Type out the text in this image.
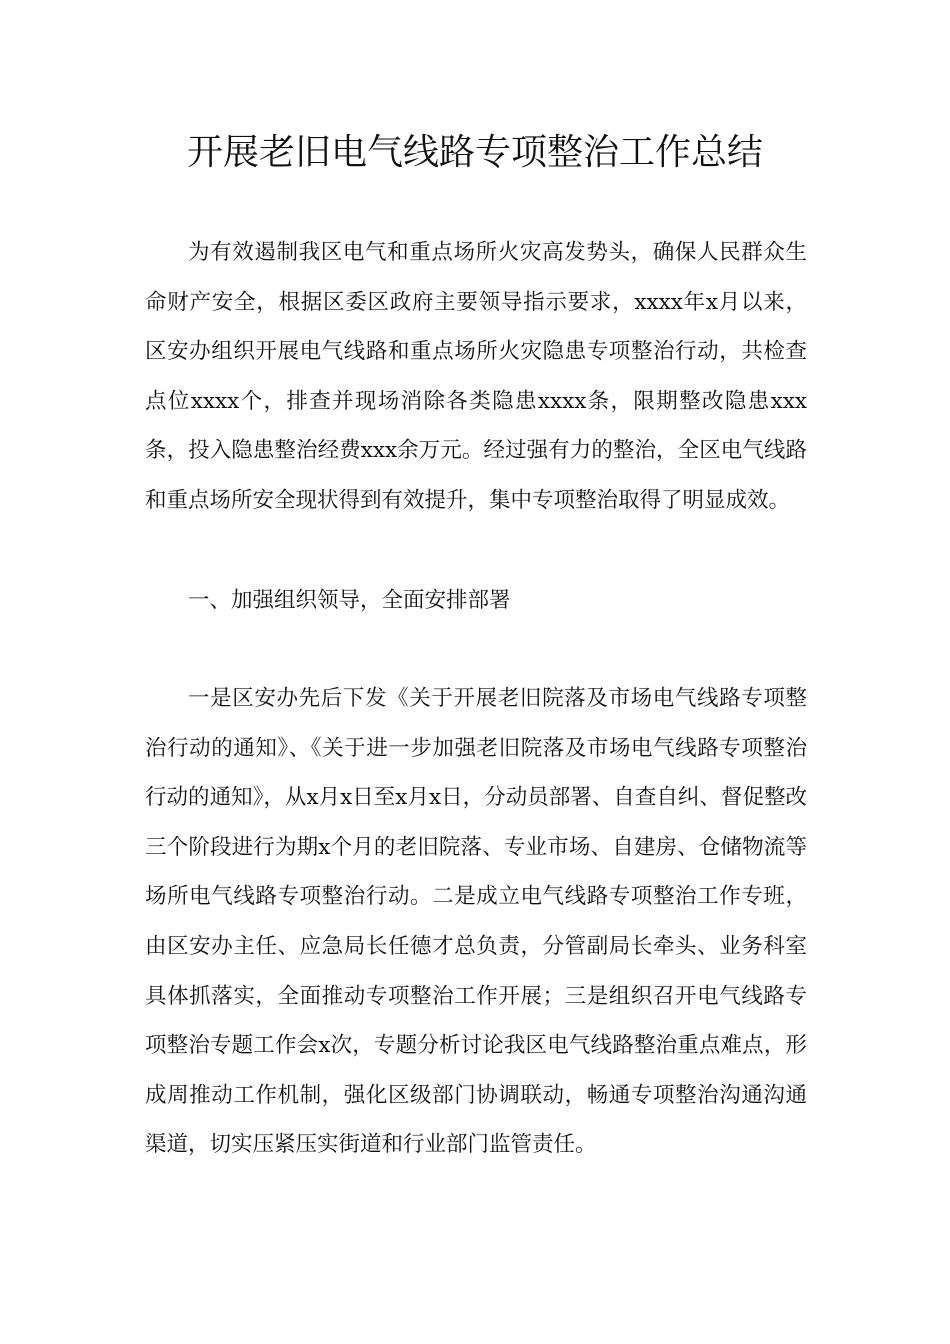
开展老旧电气线路专项整治工作总结

为有效遏制我区电气和重点场所火灾高发势头，确保人民群众生命财产安全，根据区委区政府主要领导指示要求，xxxx年x月以来，区安办组织开展电气线路和重点场所火灾隐患专项整治行动，共检查点位xxxx个，排查并现场消除各类隐患xxxx条，限期整改隐患xxx条，投入隐患整治经费xxx余万元。经过强有力的整治，全区电气线路和重点场所安全现状得到有效提升，集中专项整治取得了明显成效。

一、加强组织领导，全面安排部署

一是区安办先后下发《关于开展老旧院落及市场电气线路专项整治行动的通知》、《关于进一步加强老旧院落及市场电气线路专项整治行动的通知》，从x月x日至x月x日，分动员部署、自查自纠、督促整改三个阶段进行为期x个月的老旧院落、专业市场、自建房、仓储物流等场所电气线路专项整治行动。二是成立电气线路专项整治工作专班，由区安办主任、应急局长任德才总负责，分管副局长牵头、业务科室具体抓落实，全面推动专项整治工作开展；三是组织召开电气线路专项整治专题工作会x次，专题分析讨论我区电气线路整治重点难点，形成周推动工作机制，强化区级部门协调联动，畅通专项整治沟通沟通渠道，切实压紧压实街道和行业部门监管责任。
